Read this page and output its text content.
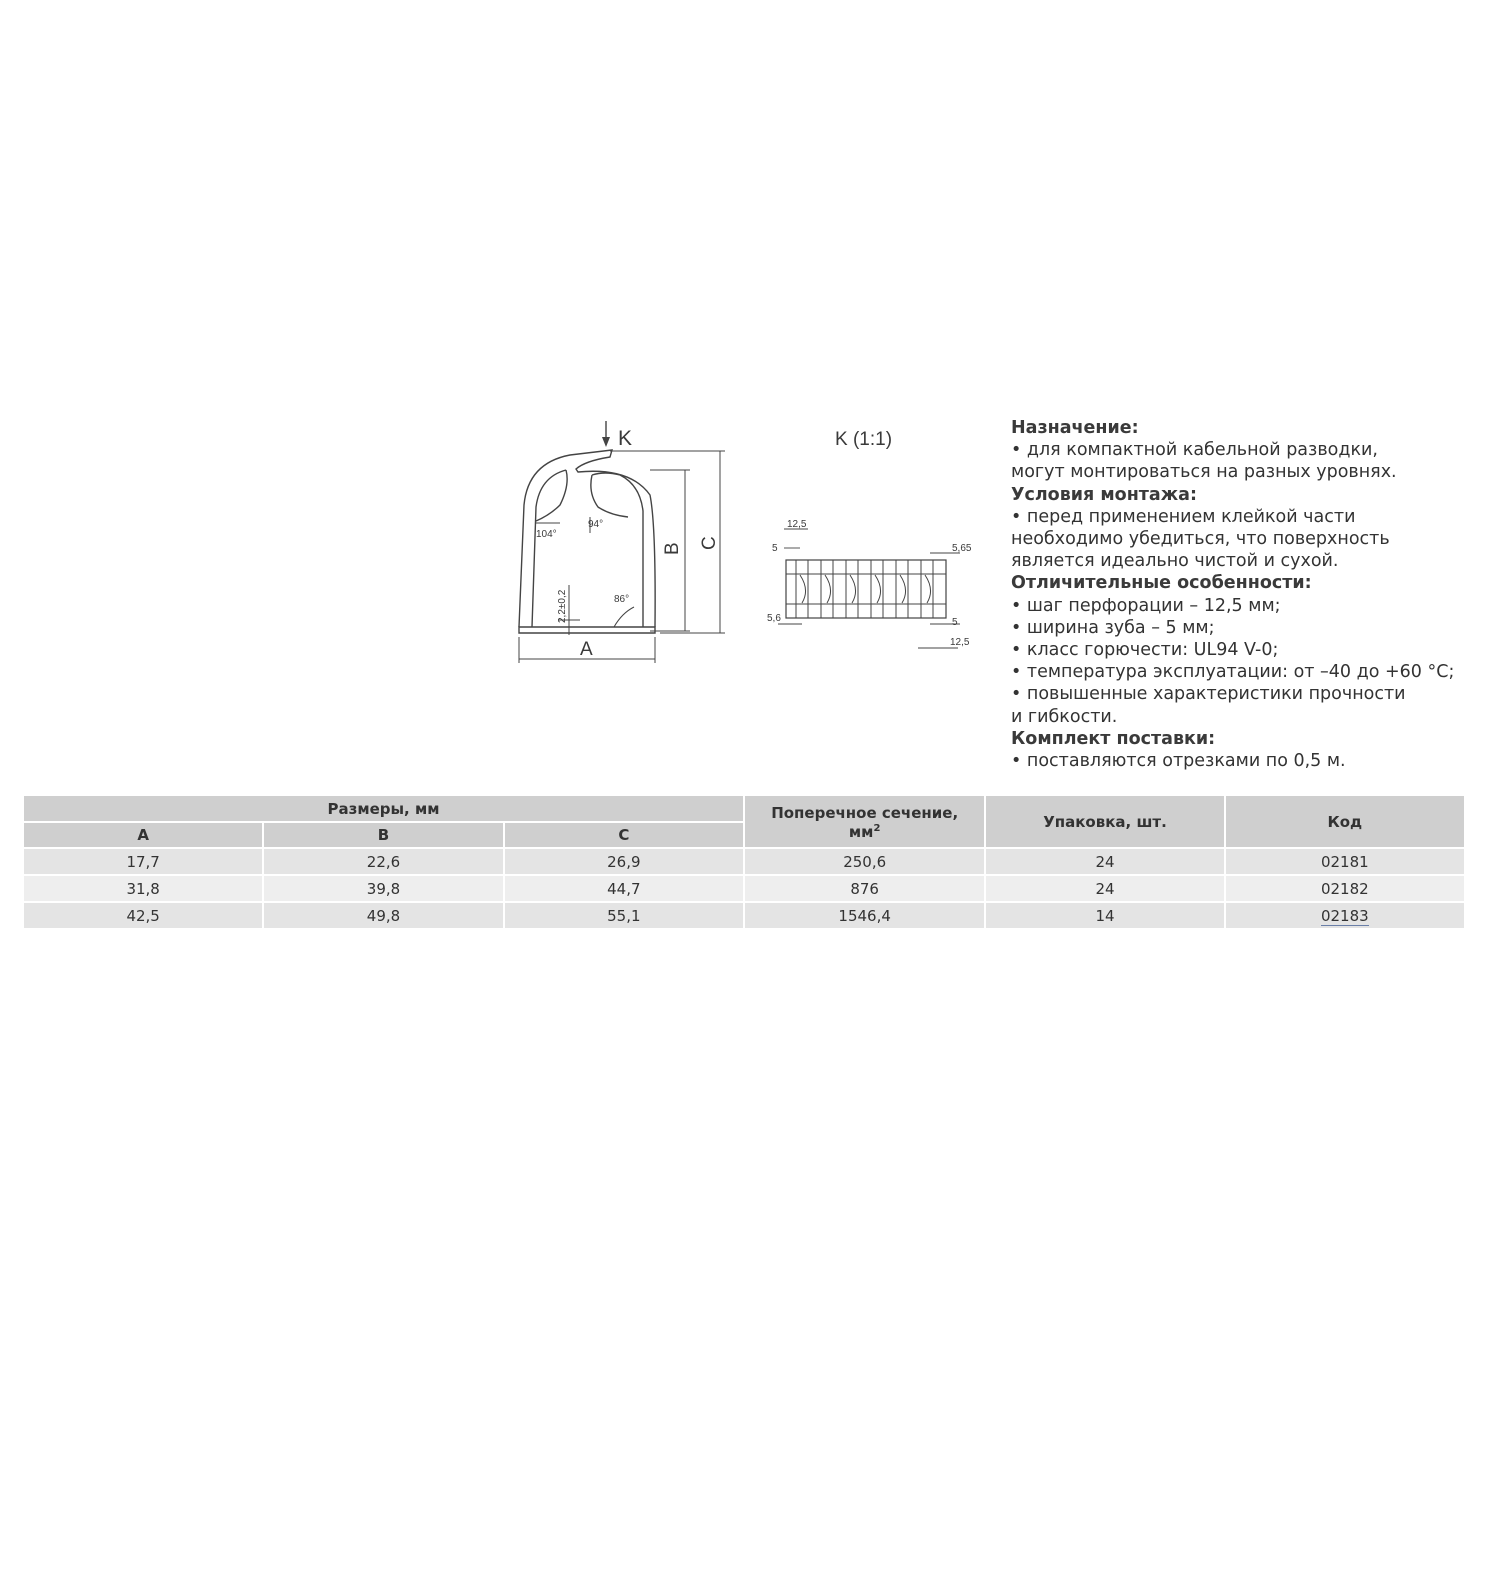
K	K (1:1)
A
B C
104°
94°
86°
2,2±0,2
12,5
5	5,65
5,6	5
12,5
Назначение:
• для компактной кабельной разводки,
могут монтироваться на разных уровнях.
Условия монтажа:
• перед применением клейкой части
необходимо убедиться, что поверхность
является идеально чистой и сухой.
Отличительные особенности:
• шаг перфорации – 12,5 мм;
• ширина зуба – 5 мм;
• класс горючести: UL94 V-0;
• температура эксплуатации: от –40 до +60 °С;
• повышенные характеристики прочности
и гибкости.
Комплект поставки:
• поставляются отрезками по 0,5 м.
Размеры, мм			Поперечное сечение,
$мм^2$	Упаковка, шт.	Код
A	B	C			
17,7	22,6	26,9	250,6	24	02181
31,8	39,8	44,7	876	24	02182
42,5	49,8	55,1	1546,4	14	02183
